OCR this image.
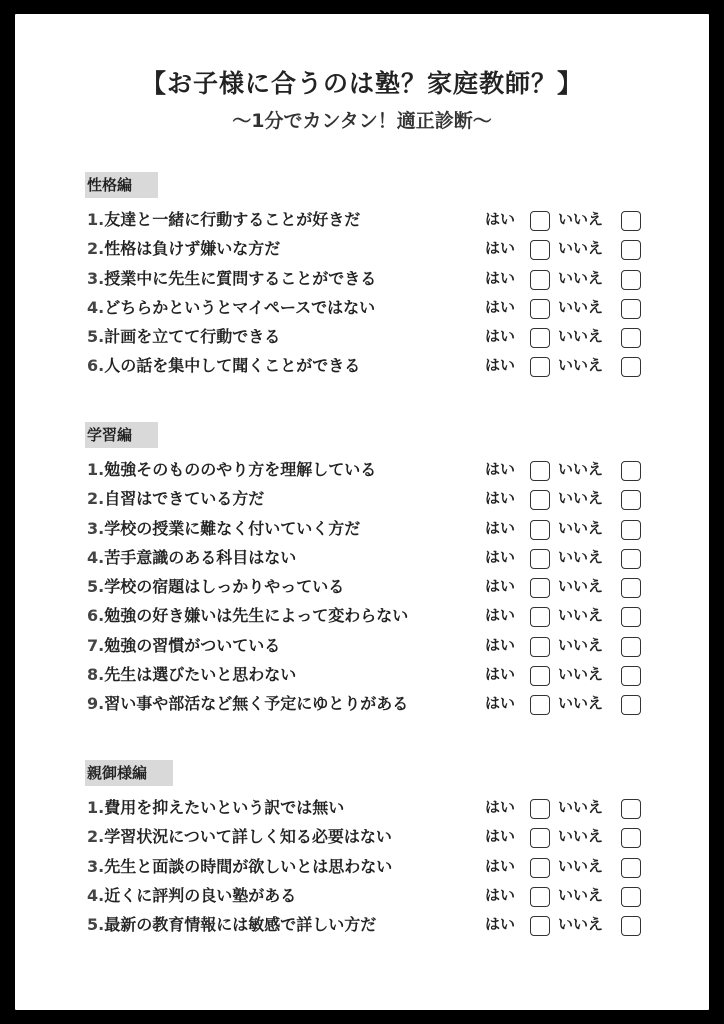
【お子様に合うのは塾？家庭教師？】
〜1分でカンタン！適正診断〜
性格編
1.友達と一緒に行動することが好きだ	はい	いいえ
2.性格は負けず嫌いな方だ	はい	いいえ
3.授業中に先生に質問することができる	はい	いいえ
4.どちらかというとマイペースではない	はい	いいえ
5.計画を立てて行動できる	はい	いいえ
6.人の話を集中して聞くことができる	はい	いいえ
学習編
1.勉強そのもののやり方を理解している	はい	いいえ
2.自習はできている方だ	はい	いいえ
3.学校の授業に難なく付いていく方だ	はい	いいえ
4.苦手意識のある科目はない	はい	いいえ
5.学校の宿題はしっかりやっている	はい	いいえ
6.勉強の好き嫌いは先生によって変わらない	はい	いいえ
7.勉強の習慣がついている	はい	いいえ
8.先生は選びたいと思わない	はい	いいえ
9.習い事や部活など無く予定にゆとりがある	はい	いいえ
親御様編
1.費用を抑えたいという訳では無い	はい	いいえ
2.学習状況について詳しく知る必要はない	はい	いいえ
3.先生と面談の時間が欲しいとは思わない	はい	いいえ
4.近くに評判の良い塾がある	はい	いいえ
5.最新の教育情報には敏感で詳しい方だ	はい	いいえ
